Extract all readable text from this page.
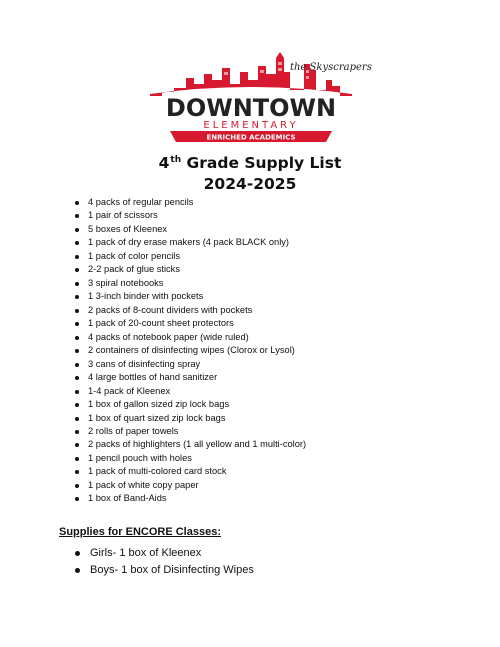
the Skyscrapers
DOWNTOWN
ELEMENTARY
ENRICHED ACADEMICS
4th Grade Supply List
2024-2025
4 packs of regular pencils
1 pair of scissors
5 boxes of Kleenex
1 pack of dry erase makers (4 pack BLACK only)
1 pack of color pencils
2-2 pack of glue sticks
3 spiral notebooks
1 3-inch binder with pockets
2 packs of 8-count dividers with pockets
1 pack of 20-count sheet protectors
4 packs of notebook paper (wide ruled)
2 containers of disinfecting wipes (Clorox or Lysol)
3 cans of disinfecting spray
4 large bottles of hand sanitizer
1-4 pack of Kleenex
1 box of gallon sized zip lock bags
1 box of quart sized zip lock bags
2 rolls of paper towels
2 packs of highlighters (1 all yellow and 1 multi-color)
1 pencil pouch with holes
1 pack of multi-colored card stock
1 pack of white copy paper
1 box of Band-Aids
Supplies for ENCORE Classes:
Girls- 1 box of Kleenex
Boys- 1 box of Disinfecting Wipes
